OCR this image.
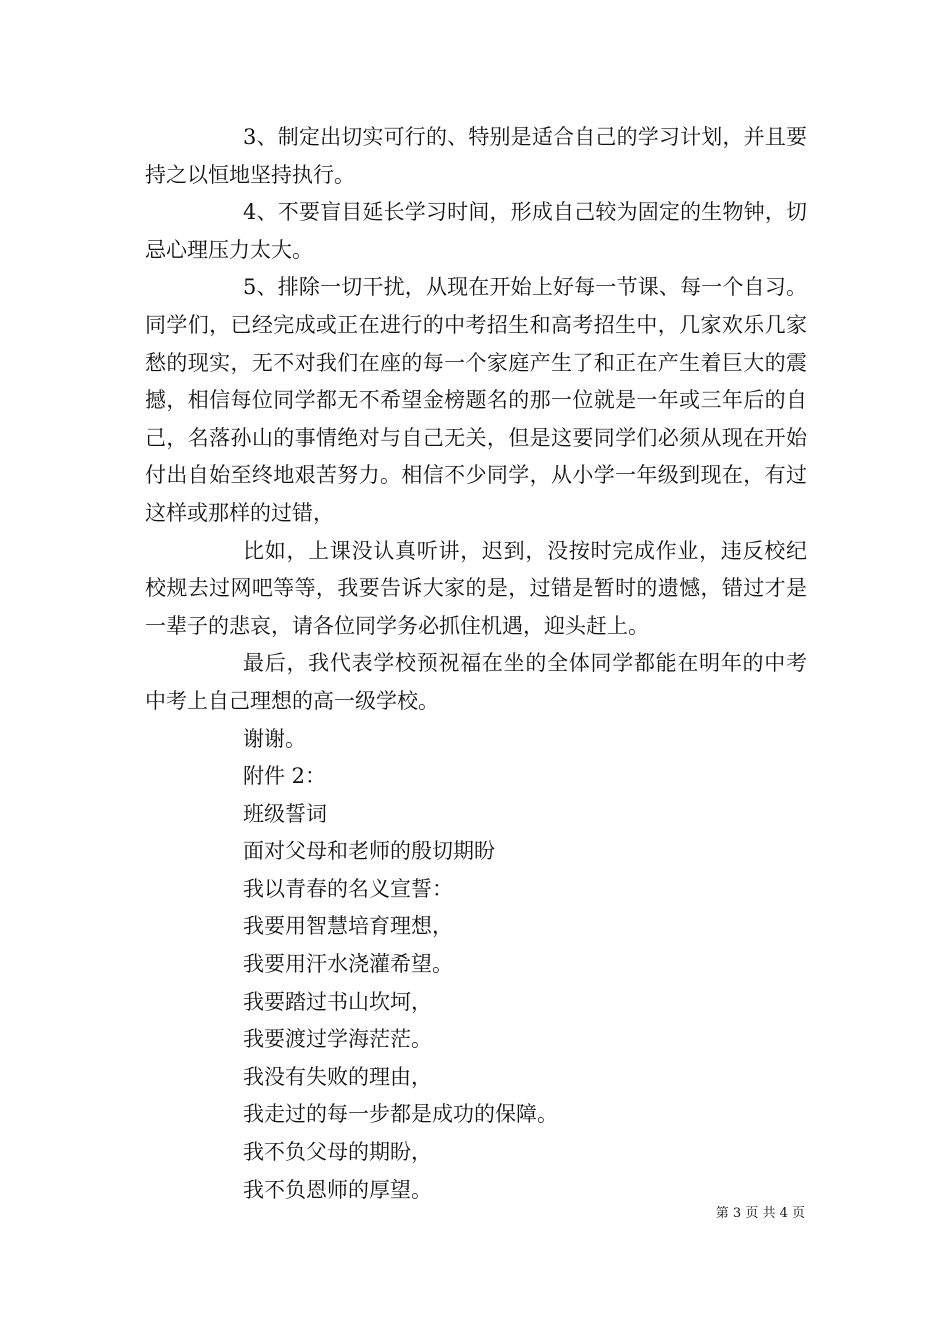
3、制定出切实可行的、特别是适合自己的学习计划，并且要持之以恒地坚持执行。

4、不要盲目延长学习时间，形成自己较为固定的生物钟，切忌心理压力太大。

5、排除一切干扰，从现在开始上好每一节课、每一个自习。同学们，已经完成或正在进行的中考招生和高考招生中，几家欢乐几家愁的现实，无不对我们在座的每一个家庭产生了和正在产生着巨大的震撼，相信每位同学都无不希望金榜题名的那一位就是一年或三年后的自己，名落孙山的事情绝对与自己无关，但是这要同学们必须从现在开始付出自始至终地艰苦努力。相信不少同学，从小学一年级到现在，有过这样或那样的过错，

比如，上课没认真听讲，迟到，没按时完成作业，违反校纪校规去过网吧等等，我要告诉大家的是，过错是暂时的遗憾，错过才是一辈子的悲哀，请各位同学务必抓住机遇，迎头赶上。

最后，我代表学校预祝福在坐的全体同学都能在明年的中考中考上自己理想的高一级学校。

谢谢。

附件 2：

班级誓词

面对父母和老师的殷切期盼

我以青春的名义宣誓：

我要用智慧培育理想，

我要用汗水浇灌希望。

我要踏过书山坎坷，

我要渡过学海茫茫。

我没有失败的理由，

我走过的每一步都是成功的保障。

我不负父母的期盼，

我不负恩师的厚望。

第 3 页 共 4 页
